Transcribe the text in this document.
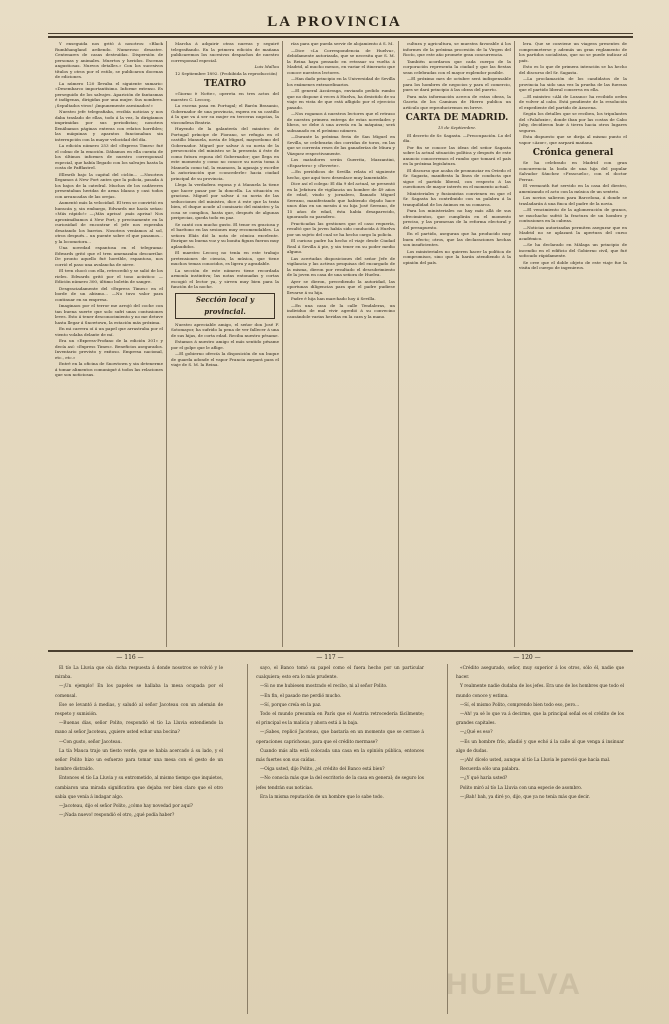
LA PROVINCIA

Y enseguida nos gritó á nosotros: «Black Rumbhangland ardiendo. Numeroso desastre. Centenares de casas destruídas. Dispersión de personas y animales. Muertos y heridos. Escenas angustiosas. Nuevos detalles.» Con los sucesivos títulos y otros por el estilo, se publicaron docenas de ediciones.

La número 120 llevaba el siguiente sumario: «Desembarco importantísimo. Informe extenso. Es perseguido de los salvajes. Aparición de fantasmas é indígenas, dirigidas por una mujer. Sus nombres. ¡Sepultados vivos! ¡Impunemente asesinados!»

Nuestro jefe telegrafiaba, recibía noticias y nos daba traslado de ellas, todo á la vez, lo dirigíamos imprimidas por sus periodistas; nosotros llenábamos páginas enteras con relatos horribles; las máquinas y aparatos funcionaban sin interrupción con la mayor velocidad del día.

La edición número 253 del «Express Times» fué el colmo de la emoción. Dábamos en ella cuenta de los últimos informes de nuestro corresponsal especial, que había llegado con los salvajes hasta la costa de Pafflastrel.

Ellesrib bajo la capital del ciclón... —Nosotros llegamos á New Port antes que la policía, pasada á los bajos de la catedral. Muchos de los cadáveres presentaban heridas de arma blanca y casi todos con arrancadas de las orejas.

Aumentó más la velocidad. El tren se convirtió en huracán y, sin embargo, Edwards me hacía señas: «Más rápido!» —¡Más aprisa! ¡más aprisa! Nos aproximábamos á New Port, y precisamente en la curiosidad de encontrar el jefe nos esperaba desatando los barrios. Nosotros veníamos al sol, otros después... un puente sobre el que pasamos... y la locomotora...

Una novedad espantosa en el telegrama: Edwards gritó que el tren amenazaba descarrilar. De pronto aquello fué horrible, espantoso, nos corrió el paso una avalancha de nieve.

El tren chocó con ella, retrocedió y se salió de los rieles. Edwards gritó por el tono acústico: —Edición número 300, último boletín de sangre.

Desgraciadamente del «Express Times» en el borde de un abismo... —No tuvo valor para continuar en su empresa.

Imaginaos por el terror me arrojó del coche con tan buena suerte que solo sufrí unas contusiones leves. Esto á tener desconocimiento y no me detuve hasta llegar á Snowtown, la estación más próxima.

En mi carrera oí á un papel que arrastraba por el viento volaba delante de mí.

Era un «Express-Profano de la edición 301» y decía así: «Express Times». Beneficios asegurados. Inventario previsto y exitoso. Empresa nacional, etc., etc.»

Entré en la oficina de Snowtown y sin detenerme á tomar alimentos comuniqué á todos las relaciones que son noticiosas.

Marcha á adquirir otras nuevas y seguiré telegrafiando. En la primera edición de mañana publicaremos los sucesivos despachos de nuestro corresponsal especial.

Luis Mallou

12 Septiembre 1892. (Prohibida la reproducción)

TEATRO

«Giorno è Notte», opereta en tres actos del maestro C. Lecocq.

La escena pasa en Portugal; el Barón Brasanio, Gobernador de una provincia, espera en su castillo á la que va á ser su mujer en terceras nupcias, la vizcondesa Beatriz.

Huyendo de la galantería del ministro de Portugal príncipe de Fiorano, se refugia en el castillo Manuela, novia de Miguel, mayordomo del Gobernador. Miguel por salvar á su novia de la persecución del ministro se la presenta á éste de como futura esposa del Gobernador; que llega en este momento y como no conoce su novia toma á Manuela como tal, la enamora, la agasaja y escribe la autorización que «concederle» hacia ciudad principal de su provincia.

Llega la verdadera esposa y á Manuela la tiene que hacer pasar por la doncella. La situación es graciosa. Miguel por salvar á su novia de las seducciones del ministro, dice á este que la trata bien, el duque acude al comisario del ministro y la cosa se complica, hasta que, después de algunas peripecias, queda todo en paz.

Se cantó con mucho gusto. El tenor es graciosa y el barítono en las sesiones muy recomendables. La señora Eliás dió la nota de cómica excelente. Enrique su buena voz y su bonita figura fueron muy aplaudidos.

El maestro Lecocq no tenía en este trabajo pretensiones de ciencia, la música, que tiene muchos temas conocidos, es ligera y agradable.

La sección de este número tiene recordada armonía instintiva; las notas entonadas y cortas escogió el lector ya, y sirven muy bien para la función de la noche.

Sección local y provincial.

Nuestro apreciable amigo, el señor don José F. Sotomayor, ha sufrido la pena de ver fallecer á una de sus hijas, de corta edad. Reciba nuestro pésame.

Estamos á nuestro amigo el más sentido pésame por el golpe que le aflige.

—El gobierno ofrecía la disposición de un buque de guarda adonde el vapor Francia zarpará para el viaje de S. M. la Reina.

rías para que pueda servir de alojamiento á S. M.

—Dice «La Correspondencia de Huelva», debidamente autorizada, que se necesita que S. M. la Reina haya pensado en retrasar su vuelta á Madrid, al mucho menos, en variar el itinerario que conoce nuestros lectores.

—Han dado principio en la Universidad de Sevilla los exámenes extraordinarios.

—El general Azcárraga, enviando pedido rumbo que no dispone á veces á Huelva, ha desistido de su viaje en vista de que está afligido por el ejercicio pasado.

—Nos rogamos á nuestros lectores que el retraso de nuestra primera entrega de estas novedades y libros, se debe á una avería en la máquina; será subsanado en el próximo número.

—Durante la próxima feria de San Miguel en Sevilla, se celebrarán dos corridas de toros, en las que se correrán reses de las ganaderías de Miura y Vázquez respectivamente.

Los matadores serán Guerrita, Mazzantini, «Espartero» y «Reverte».

—En periódicos de Sevilla relata el siguiente hecho, que aquí tuvo desenlace muy lamentable.

Dice así el colega: El día 9 del actual, se presentó en la Jefatura de vigilancia un hombre de 49 años de edad, viudo y jornalero, llamado Miguel Serrano, manifestando que habiendo dejado hace unos días en un mesón á su hija José Serrano, de 15 años de edad, ésta había desaparecido, ignorando su paradero.

Practicadas las gestiones que el caso requería, resultó que la joven había sido conducida á Huelva por un sujeto del cual se ha hecho cargo la policía.

El curioso padre ha hecho el viaje desde Ciudad Real á Sevilla á pie, y sin tener en su poder medio alguno.

Las acertadas disposiciones del señor Jefe de vigilancia y las activas pesquisas del encargado de la misma, dieron por resultado el descubrimiento de la joven en casa de una señora de Huelva.

Ayer se dieron, precediendo la autoridad, las oportunas diligencias para que el padre pudiese llevarse á su hija.

Padre é hija han marchado hoy á Sevilla.

—En una casa de la calle Tendaleras, un individuo de mal vivir agredió á su convecino causándole varias heridas en la cara y la mano.

cultura y agricultura, se muestra favorable á los informes de la próxima procesión de la Virgen del Rocío, que este año promete gran concurrencia.

También acordaron que cada cuerpo de la corporación representa la ciudad y que las fiestas sean celebradas con el mayor esplendor posible.

—El próximo mes de octubre será indispensable para los hombres de negocios y para el comercio, pues se dará principio á las obras del puerto.

Para más información acerca de estas obras, la Gaceta de los Caminos de Hierro publica un artículo que reproduciremos en breve.

CARTA DE MADRID.

15 de Septiembre.

El decreto de Sr. Sagasta. —Preocupación. Lo del día.

Por fin se conoce las ideas del señor Sagasta sobre la actual situación política y después de este anuncio conoceremos el rumbo que tomará el país en la próxima legislatura.

El discurso que acaba de pronunciar en Oviedo el Sr. Sagasta, manifiesta la línea de conducta que sigue el partido liberal, con respecto á las cuestiones de mayor interés en el momento actual.

Ministeriales y fusionistas convienen en que el Sr. Sagasta ha contribuido con su palabra á la tranquilidad de los ánimos en su comarca.

Para los ministeriales no hay más allá de sus ofrecimientos, que cumplirán en el momento preciso, y las promesas de la reforma electoral y del presupuesto.

En el partido, aseguran que ha producido muy buen efecto; otros, que las declaraciones hechas son insuficientes.

Los ministeriales no quieren hacer la política de compromisos, sino que la harán atendiendo á la opinión del país.

lera. Que se conviene un viagera presentes de comprometerse y además un gran reglamento de los partidos socialistas, que no se puede indicar al país.

Esto es lo que de primera intención se ha hecho del discurso del Sr. Sagasta.

—La proclamación de los candidatos de la provincia ha sido una vez la prueba de las fuerzas que el partido liberal conserva en ella.

—El ministro «Alá de Lozano» ha recibido orden de volver al cabo. Está pendiente de la resolución el expediente del partido de Aracena.

Según los detalles que se reciben, los tripulantes del «Palafoxie», donde iban por las costas de Cabo Juby, decidieron huir á tierra hacia otros lugares seguros.

Esta dispuesto que se dirija al mismo punto el vapor «Azor», que zarpará mañana.

Crónica general

Se ha celebrado en Madrid con gran concurrencia la boda de una hija del popular Salvador Sánchez «Frascuelo», con el doctor Ferraz.

El vermouth fué servido en la casa del diestro, amenizando el acto con la música de un sexteto.

Los novios salieron para Barcelona, á donde se trasladarán á una finca del padre de la novia.

—El vencimiento de la aglomeración de granos, se muchacho sufrió la fractura de un hombro y contusiones en la cabeza.

—Noticias autorizadas permiten asegurar que en Madrid no se aplazará la apertura del curso académico.

—Se ha declarado en Málaga un principio de incendio en el edificio del Gobierno civil, que fué sofocado rápidamente.

Se cree que el doble objeto de este viaje fue la visita del cuerpo de ingenieros.

— 116 —	— 117 —	— 120 —

El tío La Lluvia que oía dicha respuesta á donde nosotros se volvió y le miraba.

—¡Un ejemplo! En los papeles se hallaba la mesa ocupada por el comensal.

Ese se levantó á medias, y saludó al señor Jacoteau con un ademán de respeto y sumisión.

—Buenas días, señor Polito, respondió el tío La Lluvia extendiendo la mano al señor Jacoteau, ¿quiere usted echar una bocina?

—Con gusto, señor Jacoteau.

La tía Mauca trajo un tiesto verde, que se había acercado á su lado, y el señor Polito hizo un esfuerzo para tomar una mesa con el gesto de un hombre distraído.

Entonces el tío La Lluvia y su entrometido, al mismo tiempo que inquietos, cambiaron una mirada significativa que dejaba ver bien claro que el otro sabía que venía á indagar algo.

—Jacoteau, dijo el señor Polito, ¿cómo hay novedad por aquí?

—¡Nada nuevo! respondió el otro, ¿qué podía haber?

sayo, el Banco tomó su papel como el fuera hecho por un particular cualquiera; esto era lo más prudente.

—Si no me hubiesen mostrado el recibo, ni al señor Polito.

—En fin, el pasado me perdió mucho.

—Sí, porque creía en la paz.

Todo el mundo presumía en París que el Austria retrocedería fácilmente; el principal es la malicia y ahora está á la baja.

—¡Sabes, replicó Jacoteau, que bastaría en un momento que se cerrase á operaciones caprichosas, para que el crédito mermase?

Cuando más alta está colocada una casa en la opinión pública, entonces más fuertes son sus caídas.

—Oiga usted, dijo Polito, ¿el crédito del Banco está bien?

—No conocía más que la del escritorio de la casa en general; de seguro los jefes tendrán sus noticias.

Era la misma reputación de un hombre que lo sabe todo.

«Crédito asegurado, señor, muy superior á los otros, sólo él, nadie que hacer.

Y realmente nadie dudaba de los jefes. Era uno de los hombres que todo el mundo conoce y estima.

—Sí, el mismo Polito, comprendo bien todo eso, pero...

—Ah! ya sé lo que va á decirme, que la principal señal es el crédito de los grandes capitales.

—¿Qué es eso?

—Es un hombre frío, añadió y que echó á la calle al que venga á insinuar algo de dudas.

—¡Ah! dícelo usted, aunque al tío La Lluvia le pareció que hacía mal.

Recuerda sólo una palabra.

—¿Y qué haría usted?

Polito miró al tío La Lluvia con una especie de asombro.

—¡Bah! bah, ya diré yo, dijo, que ya no tenía más que decir.

HUELVA
